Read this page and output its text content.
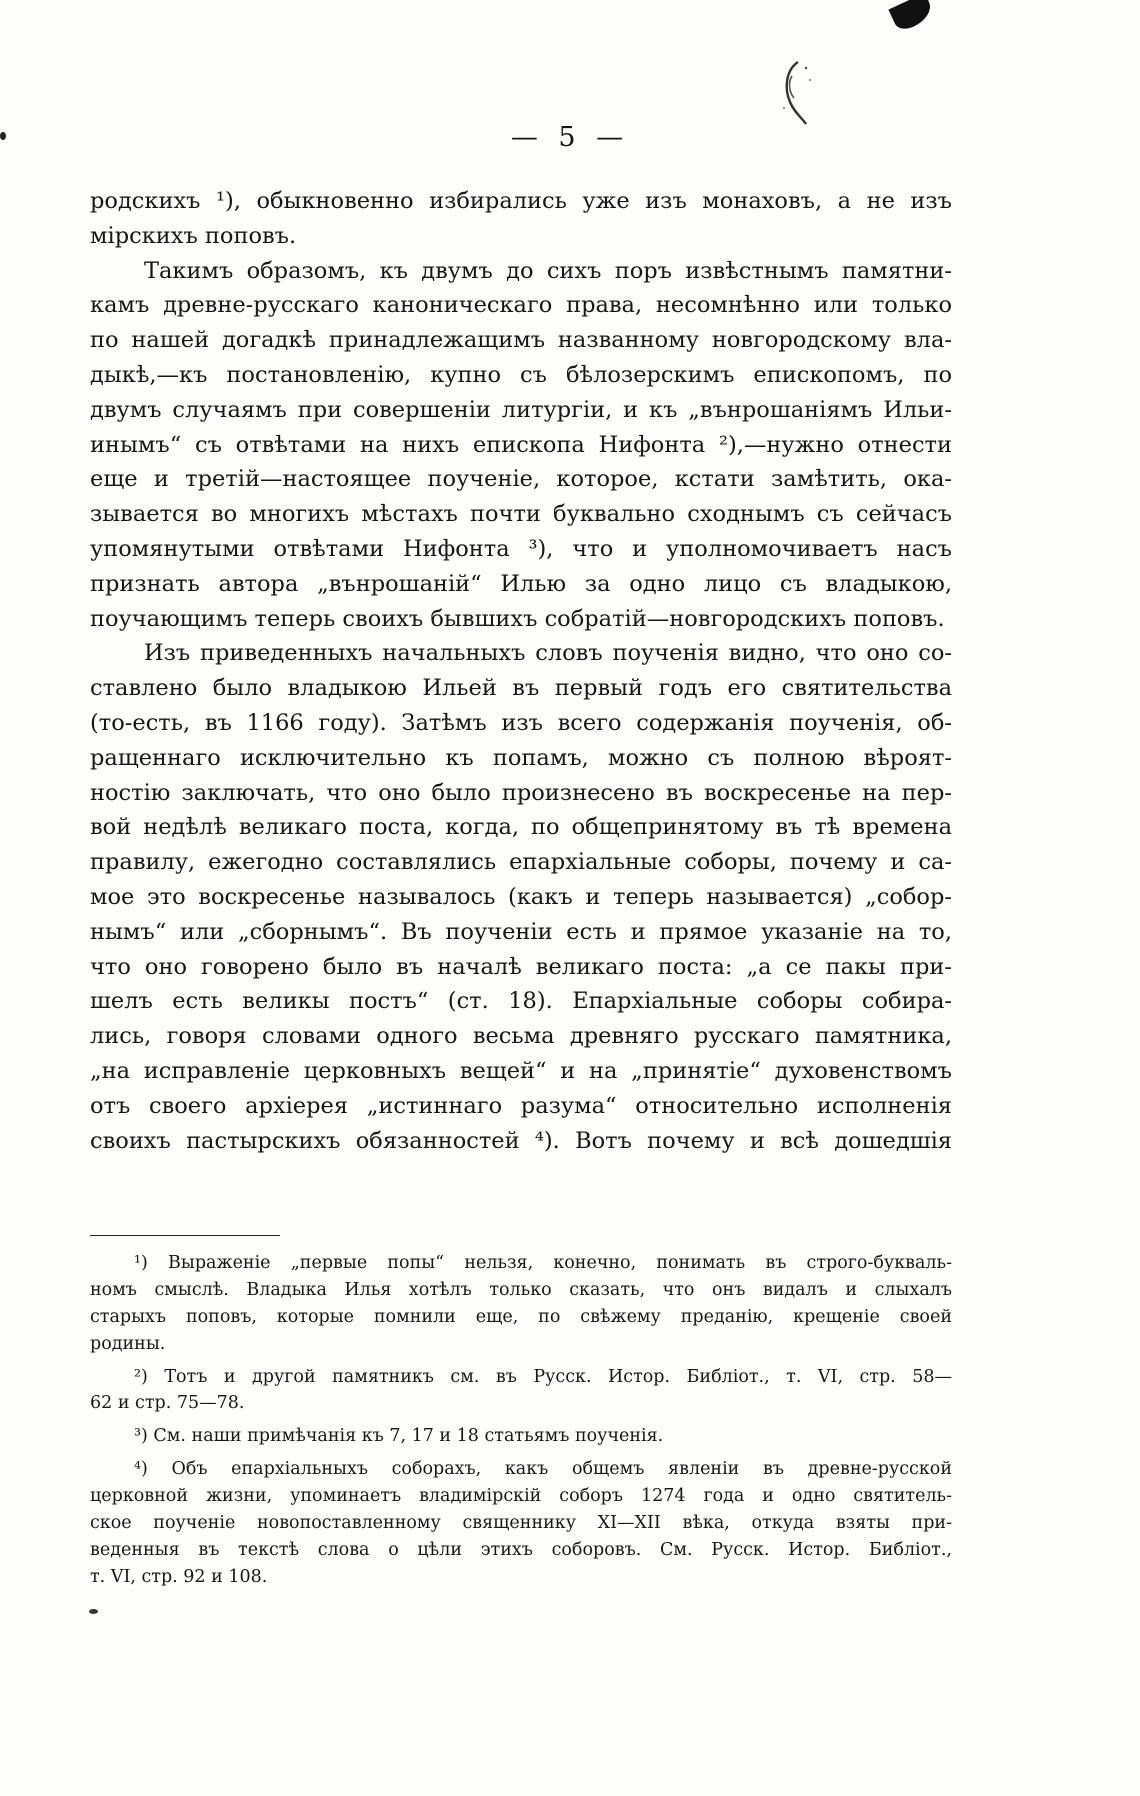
— 5 —
родскихъ ¹), обыкновенно избирались уже изъ монаховъ, а не изъ
мірскихъ поповъ.
Такимъ образомъ, къ двумъ до сихъ поръ извѣстнымъ памятни-
камъ древне-русскаго каноническаго права, несомнѣнно или только
по нашей догадкѣ принадлежащимъ названному новгородскому вла-
дыкѣ,—къ постановленію, купно съ бѣлозерскимъ епископомъ, по
двумъ случаямъ при совершеніи литургіи, и къ „вънрошаніямъ Ильи-
инымъ“ съ отвѣтами на нихъ епископа Нифонта ²),—нужно отнести
еще и третій—настоящее поученіе, которое, кстати замѣтить, ока-
зывается во многихъ мѣстахъ почти буквально сходнымъ съ сейчасъ
упомянутыми отвѣтами Нифонта ³), что и уполномочиваетъ насъ
признать автора „вънрошаній“ Илью за одно лицо съ владыкою,
поучающимъ теперь своихъ бывшихъ собратій—новгородскихъ поповъ.
Изъ приведенныхъ начальныхъ словъ поученія видно, что оно со-
ставлено было владыкою Ильей въ первый годъ его святительства
(то-есть, въ 1166 году). Затѣмъ изъ всего содержанія поученія, об-
ращеннаго исключительно къ попамъ, можно съ полною вѣроят-
ностію заключать, что оно было произнесено въ воскресенье на пер-
вой недѣлѣ великаго поста, когда, по общепринятому въ тѣ времена
правилу, ежегодно составлялись епархіальные соборы, почему и са-
мое это воскресенье называлось (какъ и теперь называется) „собор-
нымъ“ или „сборнымъ“. Въ поученіи есть и прямое указаніе на то,
что оно говорено было въ началѣ великаго поста: „а се пакы при-
шелъ есть великы постъ“ (ст. 18). Епархіальные соборы собира-
лись, говоря словами одного весьма древняго русскаго памятника,
„на исправленіе церковныхъ вещей“ и на „принятіе“ духовенствомъ
отъ своего архіерея „истиннаго разума“ относительно исполненія
своихъ пастырскихъ обязанностей ⁴). Вотъ почему и всѣ дошедшія
¹) Выраженіе „первые попы“ нельзя, конечно, понимать въ строго-букваль-
номъ смыслѣ. Владыка Илья хотѣлъ только сказать, что онъ видалъ и слыхалъ
старыхъ поповъ, которые помнили еще, по свѣжему преданію, крещеніе своей
родины.
²) Тотъ и другой памятникъ см. въ Русск. Истор. Библіот., т. VI, стр. 58—
62 и стр. 75—78.
³) См. наши примѣчанія къ 7, 17 и 18 статьямъ поученія.
⁴) Объ епархіальныхъ соборахъ, какъ общемъ явленіи въ древне-русской
церковной жизни, упоминаетъ владимірскій соборъ 1274 года и одно святитель-
ское поученіе новопоставленному священнику XI—XII вѣка, откуда взяты при-
веденныя въ текстѣ слова о цѣли этихъ соборовъ. См. Русск. Истор. Библіот.,
т. VI, стр. 92 и 108.
